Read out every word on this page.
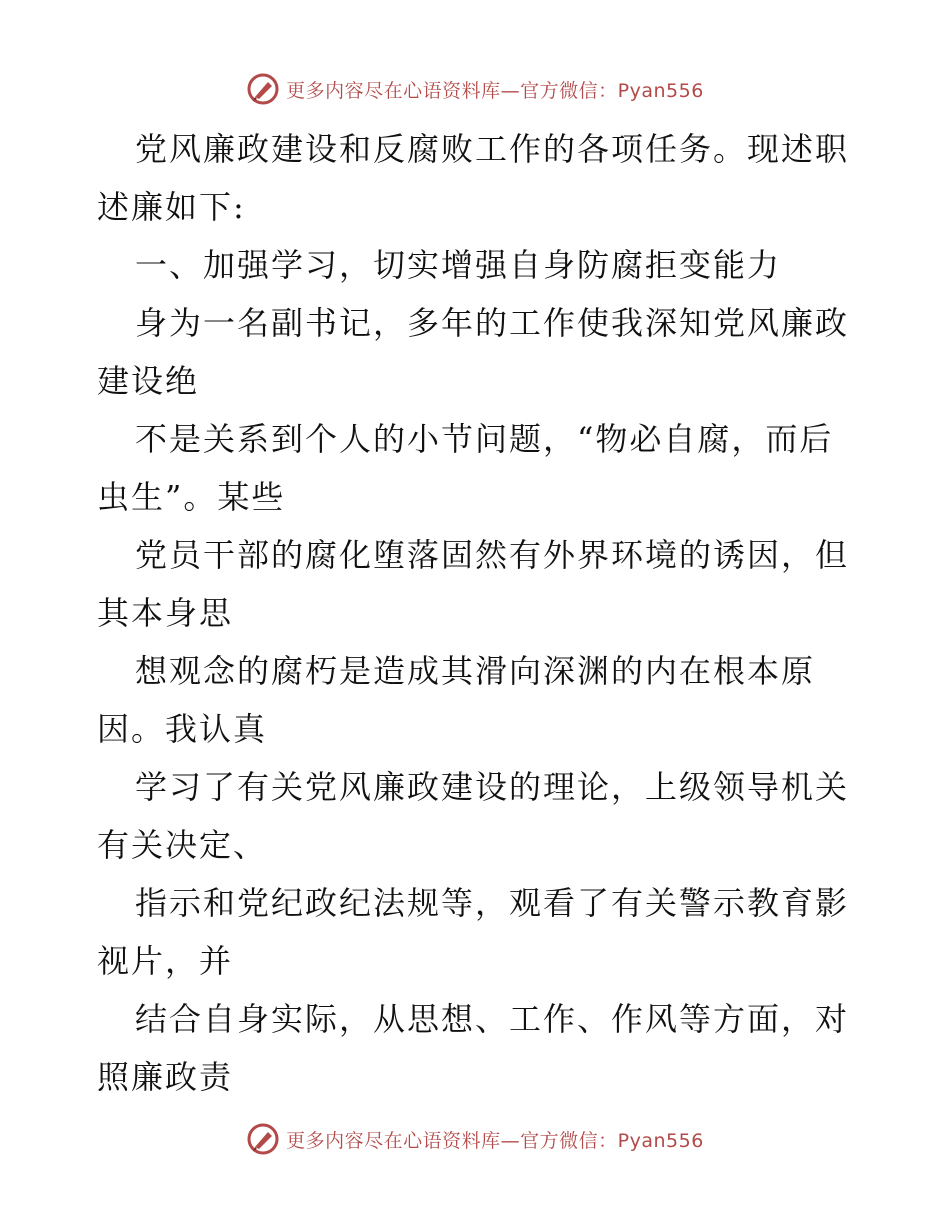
更多内容尽在心语资料库—官方微信：Pyan556
党风廉政建设和反腐败工作的各项任务。现述职
述廉如下:
一、加强学习，切实增强自身防腐拒变能力
身为一名副书记，多年的工作使我深知党风廉政
建设绝
不是关系到个人的小节问题，“物必自腐，而后
虫生”。某些
党员干部的腐化堕落固然有外界环境的诱因，但
其本身思
想观念的腐朽是造成其滑向深渊的内在根本原
因。我认真
学习了有关党风廉政建设的理论，上级领导机关
有关决定、
指示和党纪政纪法规等，观看了有关警示教育影
视片，并
结合自身实际，从思想、工作、作风等方面，对
照廉政责
更多内容尽在心语资料库—官方微信：Pyan556
